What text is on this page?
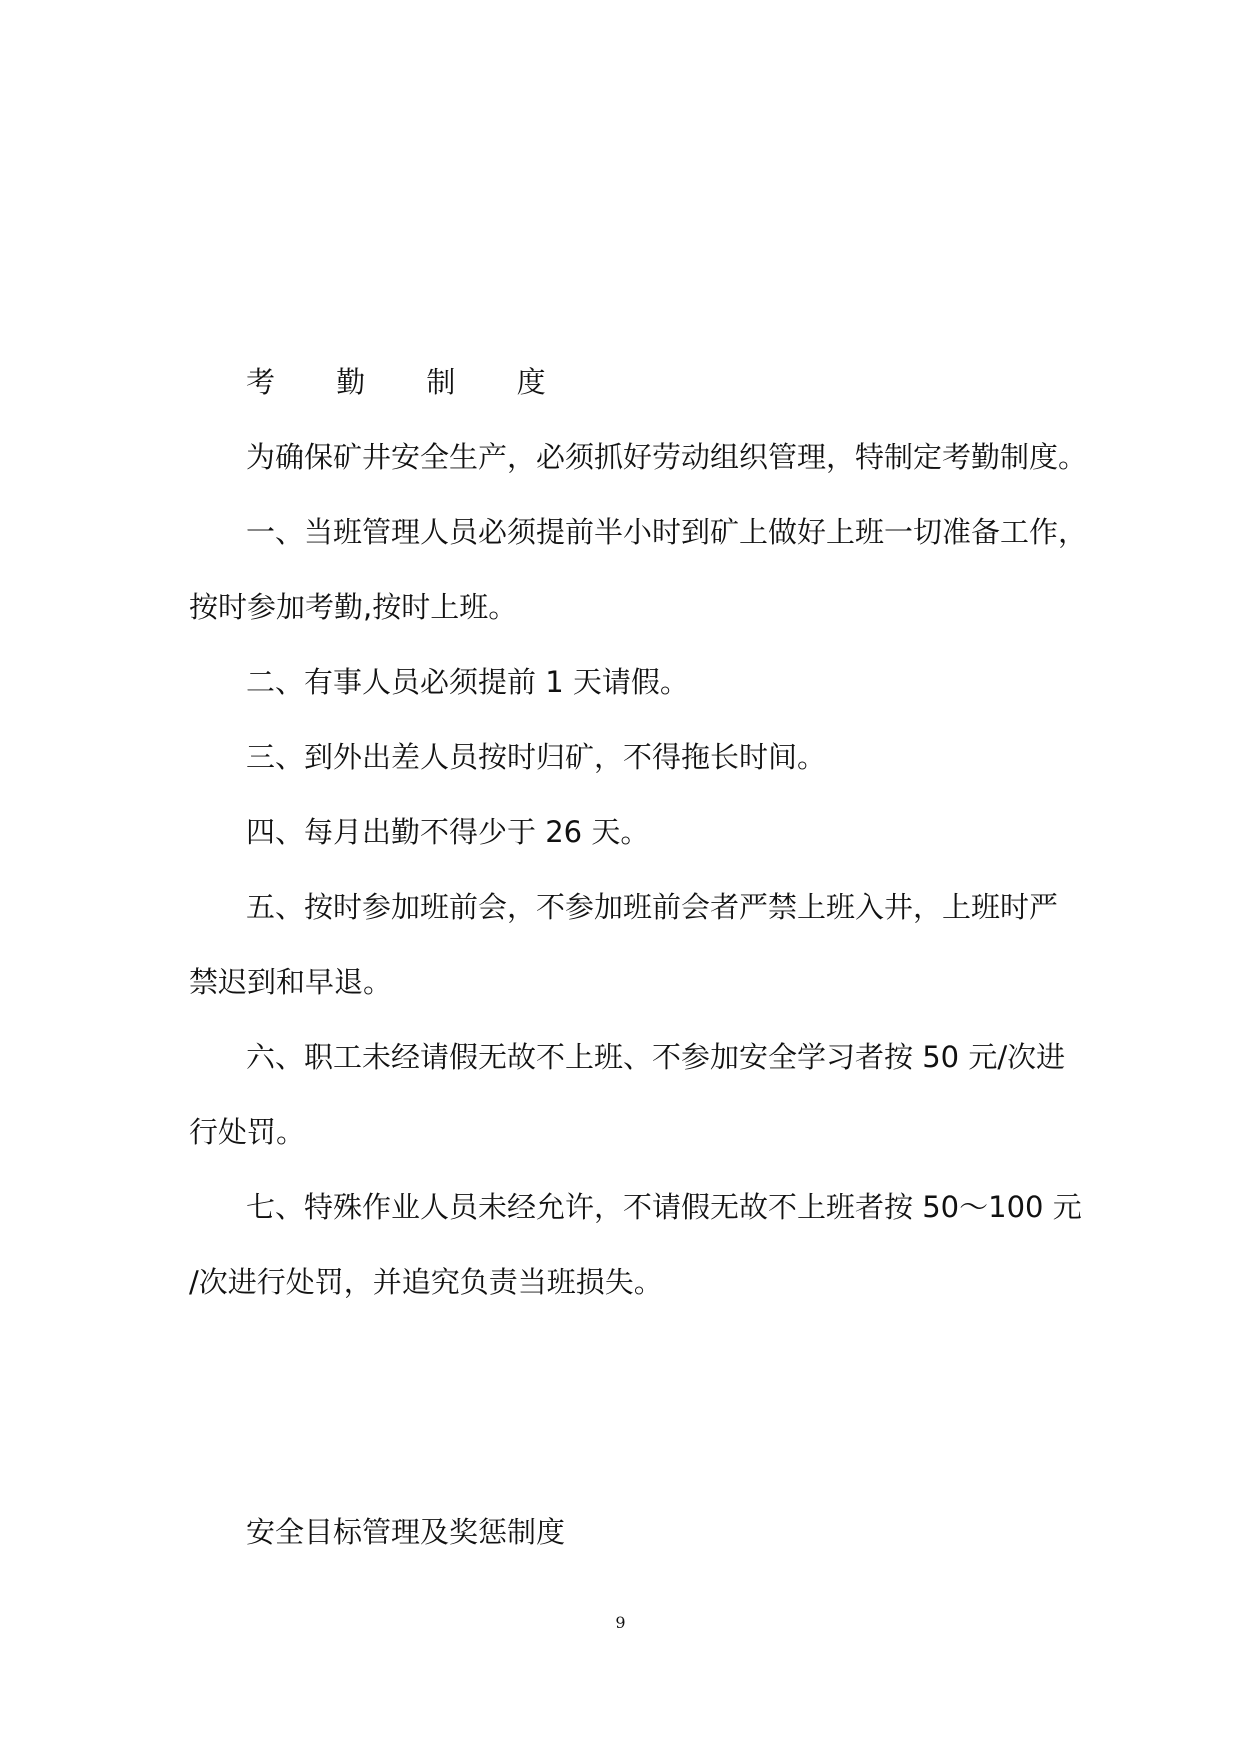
考 勤 制 度
为确保矿井安全生产，必须抓好劳动组织管理，特制定考勤制度。
一、当班管理人员必须提前半小时到矿上做好上班一切准备工作，
按时参加考勤,按时上班。
二、有事人员必须提前 1 天请假。
三、到外出差人员按时归矿，不得拖长时间。
四、每月出勤不得少于 26 天。
五、按时参加班前会，不参加班前会者严禁上班入井，上班时严
禁迟到和早退。
六、职工未经请假无故不上班、不参加安全学习者按 50 元/次进
行处罚。
七、特殊作业人员未经允许，不请假无故不上班者按 50～100 元
/次进行处罚，并追究负责当班损失。
安全目标管理及奖惩制度
9
